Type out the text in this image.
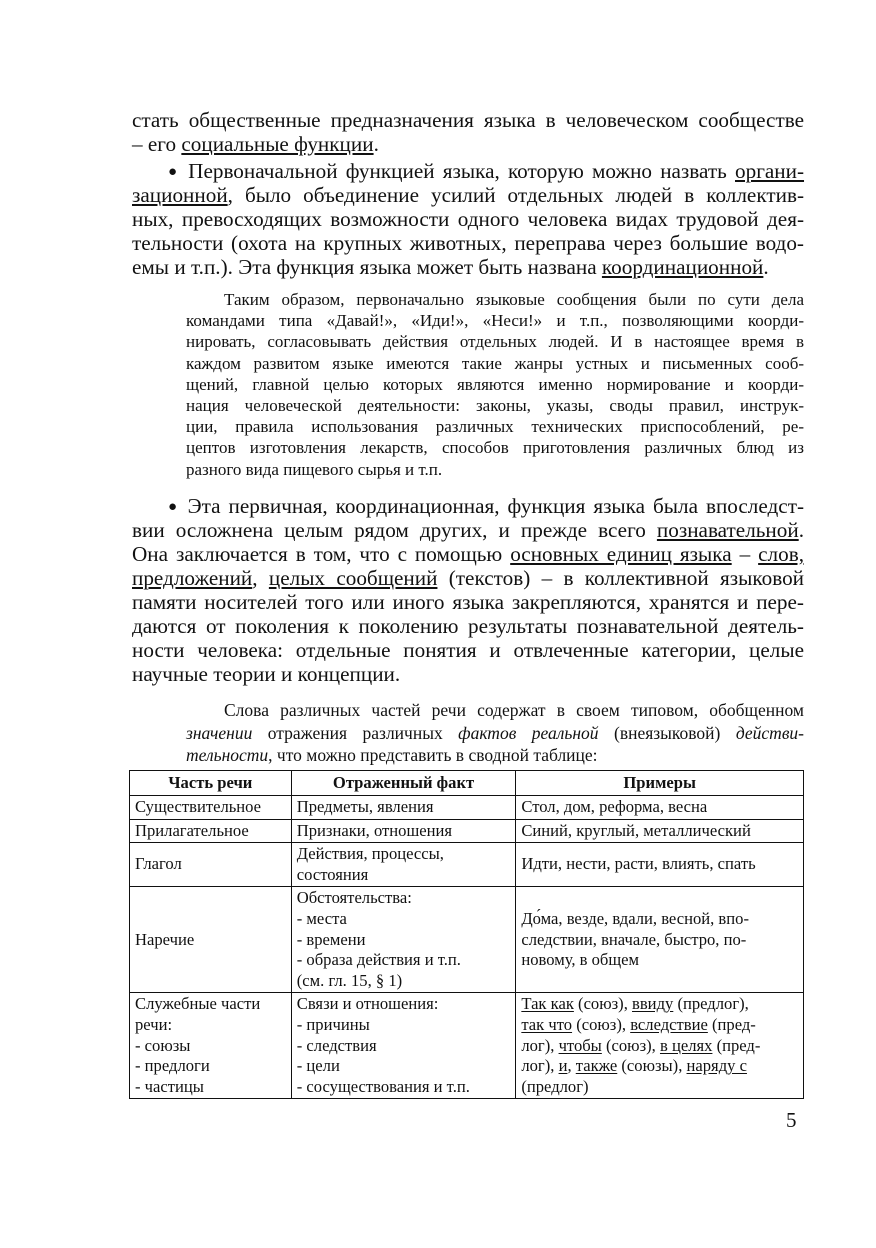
стать общественные предназначения языка в человеческом сообществе
– его социальные функции.
● Первоначальной функцией языка, которую можно назвать органи-
зационной, было объединение усилий отдельных людей в коллектив-
ных, превосходящих возможности одного человека видах трудовой дея-
тельности (охота на крупных животных, переправа через большие водо-
емы и т.п.). Эта функция языка может быть названа координационной.
Таким образом, первоначально языковые сообщения были по сути дела
командами типа «Давай!», «Иди!», «Неси!» и т.п., позволяющими коорди-
нировать, согласовывать действия отдельных людей. И в настоящее время в
каждом развитом языке имеются такие жанры устных и письменных сооб-
щений, главной целью которых являются именно нормирование и коорди-
нация человеческой деятельности: законы, указы, своды правил, инструк-
ции, правила использования различных технических приспособлений, ре-
цептов изготовления лекарств, способов приготовления различных блюд из
разного вида пищевого сырья и т.п.
● Эта первичная, координационная, функция языка была впоследст-
вии осложнена целым рядом других, и прежде всего познавательной.
Она заключается в том, что с помощью основных единиц языка – слов,
предложений, целых сообщений (текстов) – в коллективной языковой
памяти носителей того или иного языка закрепляются, хранятся и пере-
даются от поколения к поколению результаты познавательной деятель-
ности человека: отдельные понятия и отвлеченные категории, целые
научные теории и концепции.
Слова различных частей речи содержат в своем типовом, обобщенном
значении отражения различных фактов реальной (внеязыковой) действи-
тельности, что можно представить в сводной таблице:
Часть речи	Отраженный факт	Примеры

Существительное	Предметы, явления	Стол, дом, реформа, весна

Прилагательное	Признаки, отношения	Синий, круглый, металлический

Глагол	Действия, процессы,
состояния	Идти, нести, расти, влиять, спать

Наречие	Обстоятельства:
- места
- времени
- образа действия и т.п.
(см. гл. 15, § 1)	До́ма, везде, вдали, весной, впо-
следствии, вначале, быстро, по-
новому, в общем

Служебные части
речи:
- союзы
- предлоги
- частицы	Связи и отношения:
- причины
- следствия
- цели
- сосуществования и т.п.	Так как (союз), ввиду (предлог),
так что (союз), вследствие (пред-
лог), чтобы (союз), в целях (пред-
лог), и, также (союзы), наряду с
(предлог)
5
